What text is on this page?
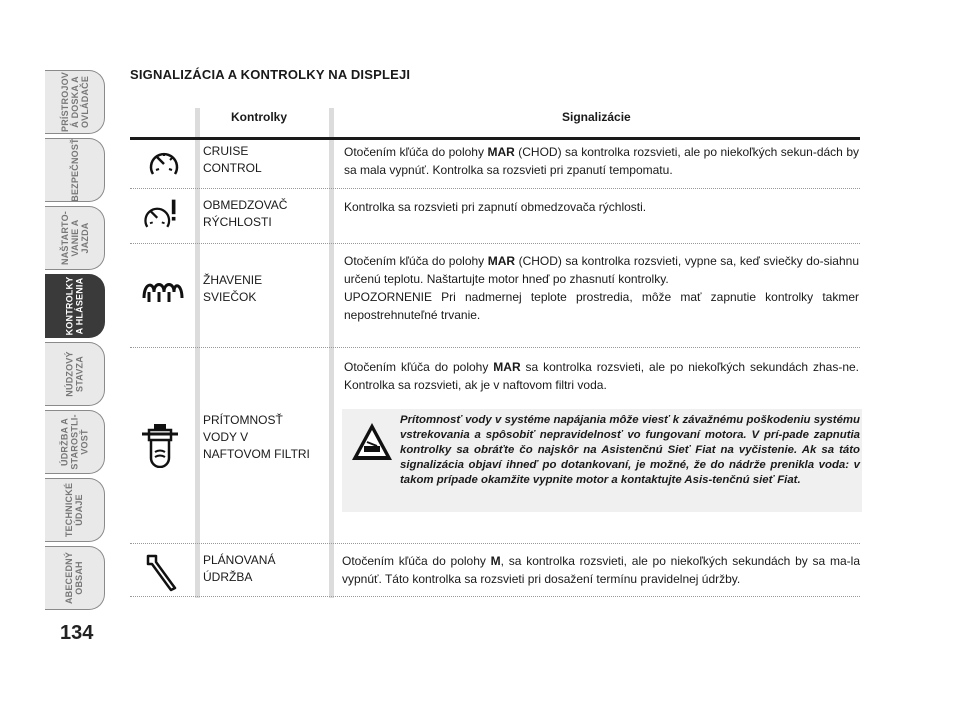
PRÍSTROJOV
Á DOSKA A
OVLÁDAČE
BEZPEČNOSŤ
NAŠTARTO-
VANIE A
JAZDA
KONTROLKY
A HLÁSENIA
NÚDZOVÝ
STAVZA
ÚDRŽBA A
STAROSTLI-
VOSŤ
TECHNICKÉ
ÚDAJE
ABECEDNÝ
OBSAH
134
SIGNALIZÁCIA A KONTROLKY NA DISPLEJI
Kontrolky	Signalizácie
CRUISE
CONTROL
Otočením kľúča do polohy MAR (CHOD) sa kontrolka rozsvieti, ale po niekoľkých sekun-dách by sa mala vypnúť. Kontrolka sa rozsvieti pri zpanutí tempomatu.
OBMEDZOVAČ
RÝCHLOSTI
Kontrolka sa rozsvieti pri zapnutí obmedzovača rýchlosti.
ŽHAVENIE
SVIEČOK
Otočením kľúča do polohy MAR (CHOD) sa kontrolka rozsvieti, vypne sa, keď sviečky do-siahnu určenú teplotu. Naštartujte motor hneď po zhasnutí kontrolky.
UPOZORNENIE Pri nadmernej teplote prostredia, môže mať zapnutie kontrolky takmer nepostrehnuteľné trvanie.
PRÍTOMNOSŤ
VODY V
NAFTOVOM FILTRI
Otočením kľúča do polohy MAR sa kontrolka rozsvieti, ale po niekoľkých sekundách zhas-ne. Kontrolka sa rozsvieti, ak je v naftovom filtri voda.
Prítomnosť vody v systéme napájania môže viesť k závažnému poškodeniu systému vstrekovania a spôsobiť nepravidelnosť vo fungovaní motora. V prí-pade zapnutia kontrolky sa obráťte čo najskôr na Asistenčnú Sieť Fiat na vyčistenie. Ak sa táto signalizácia objaví ihneď po dotankovaní, je možné, že do nádrže prenikla voda: v takom prípade okamžite vypnite motor a kontaktujte Asis-tenčnú sieť Fiat.
PLÁNOVANÁ
ÚDRŽBA
Otočením kľúča do polohy M, sa kontrolka rozsvieti, ale po niekoľkých sekundách by sa ma-la vypnúť. Táto kontrolka sa rozsvieti pri dosažení termínu pravidelnej údržby.
